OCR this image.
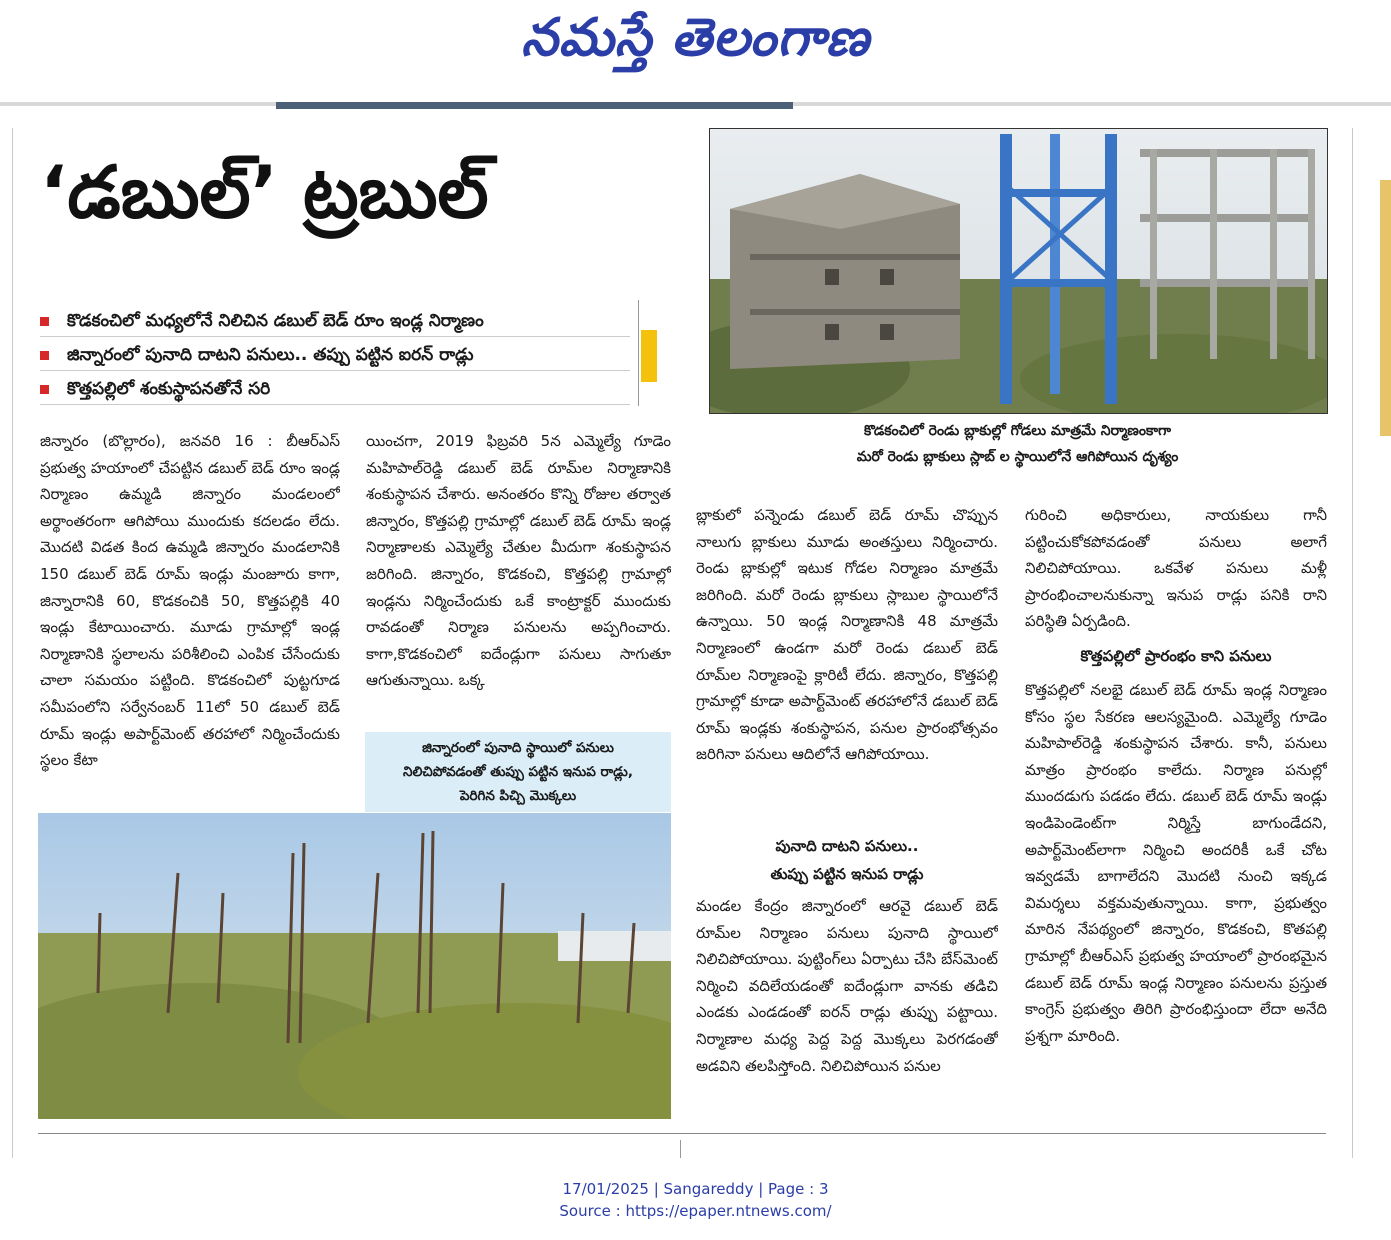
నమస్తే తెలంగాణ
‘డబుల్’ ట్రబుల్
కొడకంచిలో మధ్యలోనే నిలిచిన డబుల్ బెడ్ రూం ఇండ్ల నిర్మాణం
జిన్నారంలో పునాది దాటని పనులు.. తప్పు పట్టిన ఐరన్ రాడ్లు
కొత్తపల్లిలో శంకుస్థాపనతోనే సరి
కొడకంచిలో రెండు బ్లాకుల్లో గోడలు మాత్రమే నిర్మాణంకాగా
మరో రెండు బ్లాకులు స్లాబ్ ల స్థాయిలోనే ఆగిపోయిన దృశ్యం

జిన్నారం (బొల్లారం), జనవరి 16 : బీఆర్ఎస్ ప్రభుత్వ హయాంలో చేపట్టిన డబుల్ బెడ్ రూం ఇండ్ల నిర్మాణం ఉమ్మడి జిన్నారం మండలంలో అర్థాంతరంగా ఆగిపోయి ముందుకు కదలడం లేదు. మొదటి విడత కింద ఉమ్మడి జిన్నారం మండలానికి 150 డబుల్ బెడ్ రూమ్ ఇండ్లు మంజూరు కాగా, జిన్నారానికి 60, కొడకంచికి 50, కొత్తపల్లికి 40 ఇండ్లు కేటాయించారు. మూడు గ్రామాల్లో ఇండ్ల నిర్మాణానికి స్థలాలను పరిశీలించి ఎంపిక చేసేందుకు చాలా సమయం పట్టింది. కొడకంచిలో పుట్టగూడ సమీపంలోని సర్వేనంబర్ 11లో 50 డబుల్ బెడ్ రూమ్ ఇండ్లు అపార్ట్‌మెంట్ తరహాలో నిర్మించేందుకు స్థలం కేటా

యించగా, 2019 ఫిబ్రవరి 5న ఎమ్మెల్యే గూడెం మహిపాల్‌రెడ్డి డబుల్ బెడ్ రూమ్‌ల నిర్మాణానికి శంకుస్థాపన చేశారు. అనంతరం కొన్ని రోజుల తర్వాత జిన్నారం, కొత్తపల్లి గ్రామాల్లో డబుల్ బెడ్ రూమ్ ఇండ్ల నిర్మాణాలకు ఎమ్మెల్యే చేతుల మీదుగా శంకుస్థాపన జరిగింది. జిన్నారం, కొడకంచి, కొత్తపల్లి గ్రామాల్లో ఇండ్లను నిర్మించేందుకు ఒకే కాంట్రాక్టర్ ముందుకు రావడంతో నిర్మాణ పనులను అప్పగించారు. కాగా,కొడకంచిలో ఐదేండ్లుగా పనులు సాగుతూ ఆగుతున్నాయి. ఒక్క

జిన్నారంలో పునాది స్థాయిలో పనులు
నిలిచిపోవడంతో తుప్పు పట్టిన ఇనుప రాడ్లు,
పెరిగిన పిచ్చి మొక్కలు

బ్లాకులో పన్నెండు డబుల్ బెడ్ రూమ్ చొప్పున నాలుగు బ్లాకులు మూడు అంతస్తులు నిర్మించారు. రెండు బ్లాకుల్లో ఇటుక గోడల నిర్మాణం మాత్రమే జరిగింది. మరో రెండు బ్లాకులు స్లాబుల స్థాయిలోనే ఉన్నాయి. 50 ఇండ్ల నిర్మాణానికి 48 మాత్రమే నిర్మాణంలో ఉండగా మరో రెండు డబుల్ బెడ్ రూమ్‌ల నిర్మాణంపై క్లారిటీ లేదు. జిన్నారం, కొత్తపల్లి గ్రామాల్లో కూడా అపార్ట్‌మెంట్ తరహాలోనే డబుల్ బెడ్ రూమ్ ఇండ్లకు శంకుస్థాపన, పనుల ప్రారంభోత్సవం జరిగినా పనులు ఆదిలోనే ఆగిపోయాయి.

పునాది దాటని పనులు..
తుప్పు పట్టిన ఇనుప రాడ్లు

మండల కేంద్రం జిన్నారంలో ఆరవై డబుల్ బెడ్ రూమ్‌ల నిర్మాణం పనులు పునాది స్థాయిలో నిలిచిపోయాయి. పుట్టింగ్‌లు ఏర్పాటు చేసి బేస్‌మెంట్ నిర్మించి వదిలేయడంతో ఐదేండ్లుగా వానకు తడిచి ఎండకు ఎండడంతో ఐరన్ రాడ్లు తుప్పు పట్టాయి. నిర్మాణాల మధ్య పెద్ద పెద్ద మొక్కలు పెరగడంతో అడవిని తలపిస్తోంది. నిలిచిపోయిన పనుల

గురించి అధికారులు, నాయకులు గానీ పట్టించుకోకపోవడంతో పనులు అలాగే నిలిచిపోయాయి. ఒకవేళ పనులు మళ్లీ ప్రారంభించాలనుకున్నా ఇనుప రాడ్లు పనికి రాని పరిస్థితి ఏర్పడింది.

కొత్తపల్లిలో ప్రారంభం కాని పనులు

కొత్తపల్లిలో నలభై డబుల్ బెడ్ రూమ్ ఇండ్ల నిర్మాణం కోసం స్థల సేకరణ ఆలస్యమైంది. ఎమ్మెల్యే గూడెం మహిపాల్‌రెడ్డి శంకుస్థాపన చేశారు. కానీ, పనులు మాత్రం ప్రారంభం కాలేదు. నిర్మాణ పనుల్లో ముందడుగు పడడం లేదు. డబుల్ బెడ్ రూమ్ ఇండ్లు ఇండిపెండెంట్‌గా నిర్మిస్తే బాగుండేదని, అపార్ట్‌మెంట్‌లాగా నిర్మించి అందరికీ ఒకే చోట ఇవ్వడమే బాగాలేదని మొదటి నుంచి ఇక్కడ విమర్శలు వక్తమవుతున్నాయి. కాగా, ప్రభుత్వం మారిన నేపథ్యంలో జిన్నారం, కొడకంచి, కొతపల్లి గ్రామాల్లో బీఆర్ఎస్ ప్రభుత్వ హయాంలో ప్రారంభమైన డబుల్ బెడ్ రూమ్ ఇండ్ల నిర్మాణం పనులను ప్రస్తుత కాంగ్రెస్ ప్రభుత్వం తిరిగి ప్రారంభిస్తుందా లేదా అనేది ప్రశ్నగా మారింది.

17/01/2025 | Sangareddy | Page : 3
Source : https://epaper.ntnews.com/
